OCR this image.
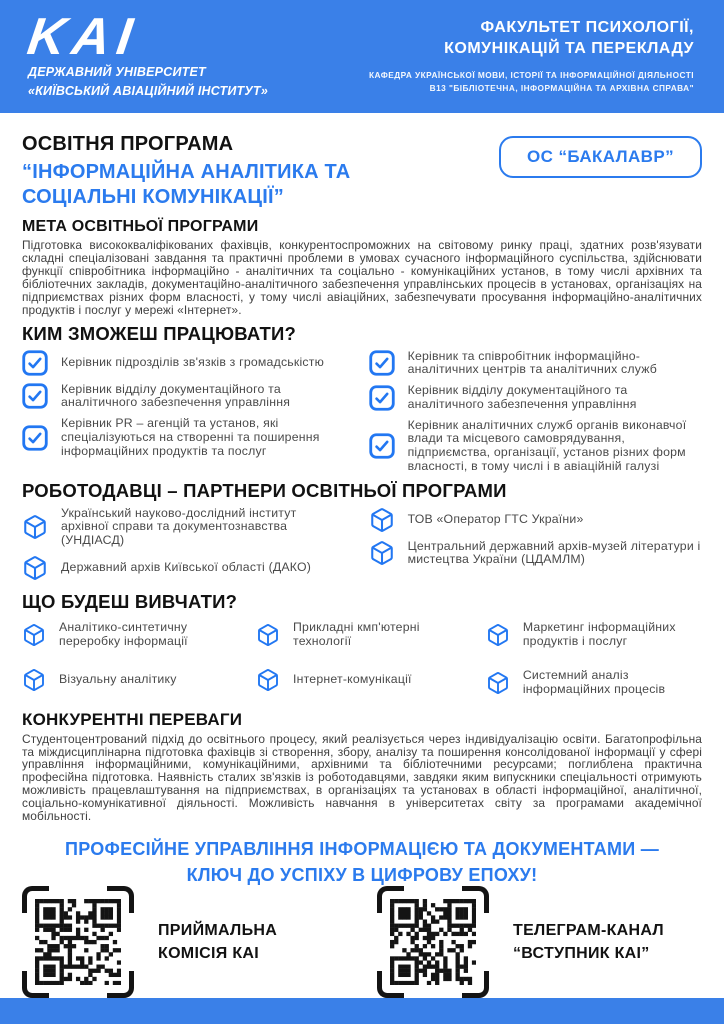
KAI
ДЕРЖАВНИЙ УНІВЕРСИТЕТ
«КИЇВСЬКИЙ АВІАЦІЙНИЙ ІНСТИТУТ»
ФАКУЛЬТЕТ ПСИХОЛОГІЇ,
КОМУНІКАЦІЙ ТА ПЕРЕКЛАДУ
КАФЕДРА УКРАЇНСЬКОЇ МОВИ, ІСТОРІЇ ТА ІНФОРМАЦІЙНОЇ ДІЯЛЬНОСТІ
В13 "БІБЛІОТЕЧНА, ІНФОРМАЦІЙНА ТА АРХІВНА СПРАВА"
ОСВІТНЯ ПРОГРАМА
“ІНФОРМАЦІЙНА АНАЛІТИКА ТА СОЦІАЛЬНІ КОМУНІКАЦІЇ”
ОС “БАКАЛАВР”
МЕТА ОСВІТНЬОЇ ПРОГРАМИ

Підготовка висококваліфікованих фахівців, конкурентоспроможних на світовому ринку праці, здатних розв'язувати складні спеціалізовані завдання та практичні проблеми в умовах сучасного інформаційного суспільства, здійснювати функції співробітника інформаційно - аналітичних та соціально - комунікаційних установ, в тому числі архівних та бібліотечних закладів, документаційно-аналітичного забезпечення управлінських процесів в установах, організаціях на підприємствах різних форм власності, у тому числі авіаційних, забезпечувати просування інформаційно-аналітичних продуктів і послуг у мережі «Інтернет».

КИМ ЗМОЖЕШ ПРАЦЮВАТИ?
Керівник підрозділів зв'язків з громадськістю
Керівник відділу документаційного та аналітичного забезпечення управління
Керівник PR – агенцій та установ, які спеціалізуються на створенні та поширення інформаційних продуктів та послуг
Керівник та співробітник інформаційно-аналітичних центрів та аналітичних служб
Керівник відділу документаційного та аналітичного забезпечення управління
Керівник аналітичних служб органів виконавчої влади та місцевого самоврядування, підприємства, організації, установ різних форм власності, в тому числі і в авіаційній галузі
РОБОТОДАВЦІ – ПАРТНЕРИ ОСВІТНЬОЇ ПРОГРАМИ
Український науково-дослідний інститут архівної справи та документознавства (УНДІАСД)
Державний архів Київської області (ДАКО)
ТОВ «Оператор ГТС України»
Центральний державний архів-музей літератури і мистецтва України (ЦДАМЛМ)
ЩО БУДЕШ ВИВЧАТИ?
Аналітико-синтетичну переробку інформації
Прикладні кмп'ютерні технології
Маркетинг інформаційних продуктів і послуг
Візуальну аналітику	Інтернет-комунікації	Системний аналіз інформаційних процесів
КОНКУРЕНТНІ ПЕРЕВАГИ

Студентоцентрований підхід до освітнього процесу, який реалізується через індивідуалізацію освіти. Багатопрофільна та міждисциплінарна підготовка фахівців зі створення, збору, аналізу та поширення консолідованої інформації у сфері управління інформаційними, комунікаційними, архівними та бібліотечними ресурсами; поглиблена практична професійна підготовка. Наявність сталих зв'язків із роботодавцями, завдяки яким випускники спеціальності отримують можливість працевлаштування на підприємствах, в організаціях та установах в області інформаційної, аналітичної, соціально-комунікативної діяльності. Можливість навчання в університетах світу за програмами академічної мобільності.

ПРОФЕСІЙНЕ УПРАВЛІННЯ ІНФОРМАЦІЄЮ ТА ДОКУМЕНТАМИ —
КЛЮЧ ДО УСПІХУ В ЦИФРОВУ ЕПОХУ!
ПРИЙМАЛЬНА
КОМІСІЯ КАІ
ТЕЛЕГРАМ-КАНАЛ
“ВСТУПНИК КАІ”
